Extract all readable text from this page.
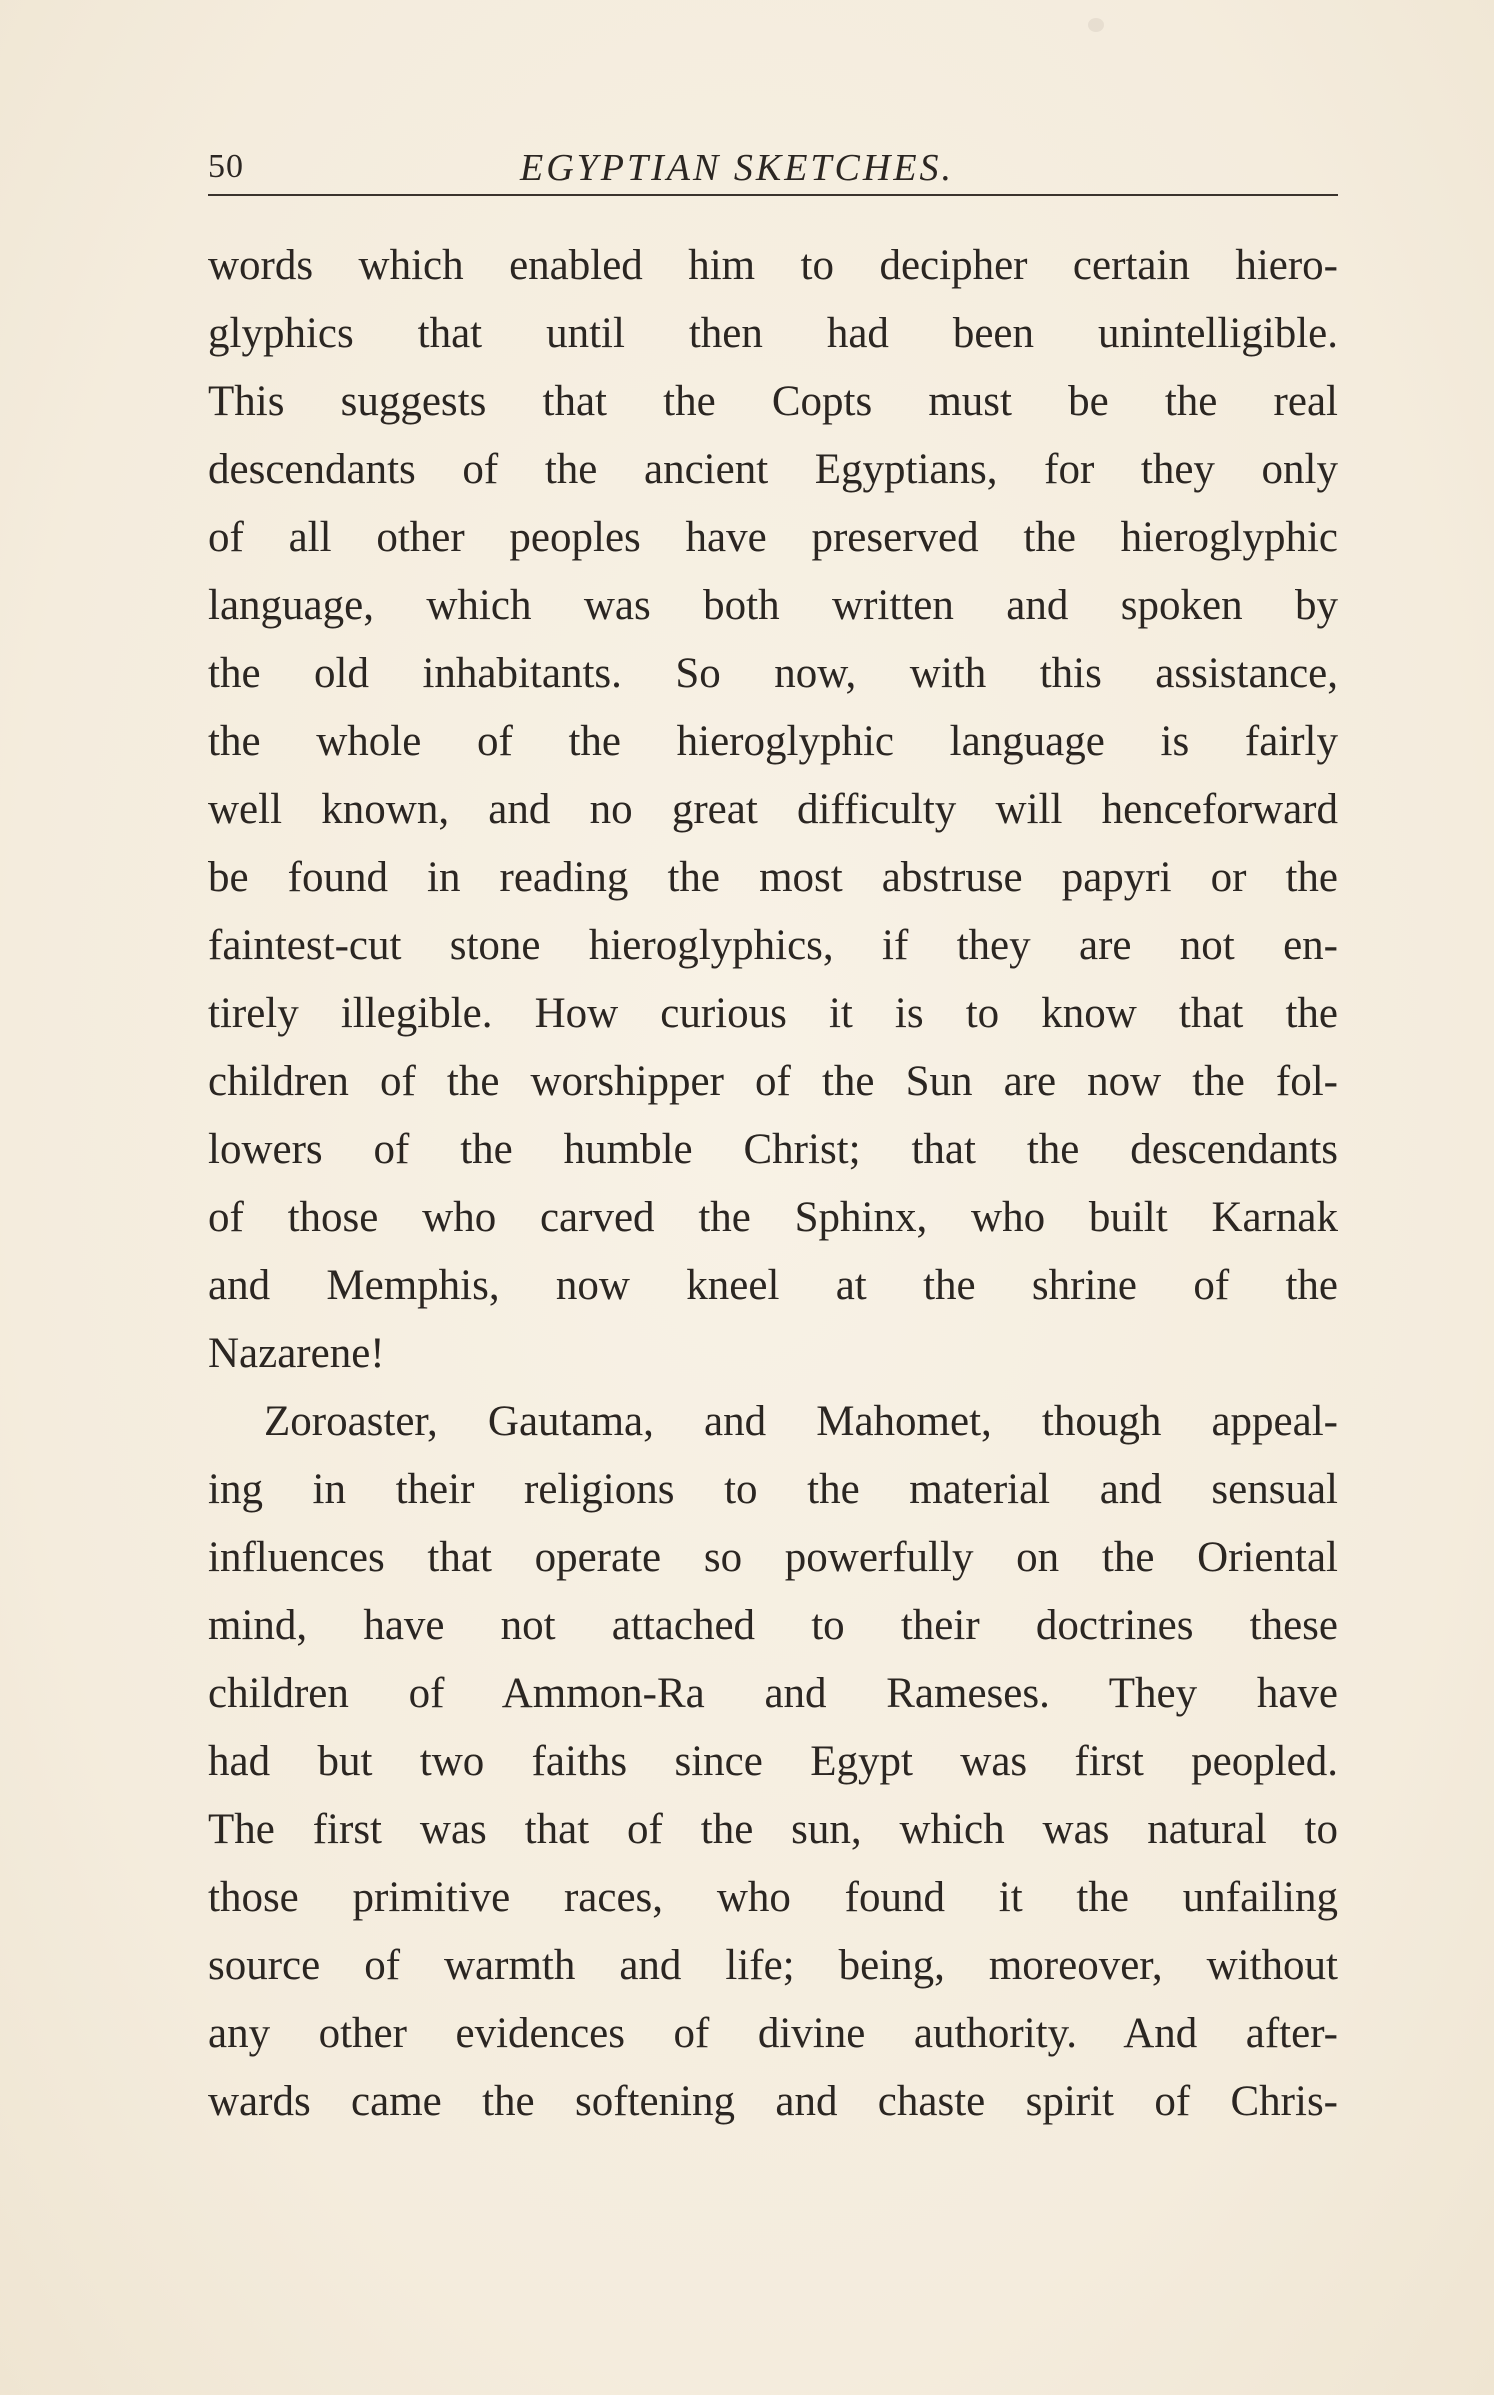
50	EGYPTIAN SKETCHES.
words which enabled him to decipher certain hiero-
glyphics that until then had been unintelligible.
This suggests that the Copts must be the real
descendants of the ancient Egyptians, for they only
of all other peoples have preserved the hieroglyphic
language, which was both written and spoken by
the old inhabitants. So now, with this assistance,
the whole of the hieroglyphic language is fairly
well known, and no great difficulty will henceforward
be found in reading the most abstruse papyri or the
faintest-cut stone hieroglyphics, if they are not en-
tirely illegible. How curious it is to know that the
children of the worshipper of the Sun are now the fol-
lowers of the humble Christ; that the descendants
of those who carved the Sphinx, who built Karnak
and Memphis, now kneel at the shrine of the
Nazarene!
Zoroaster, Gautama, and Mahomet, though appeal-
ing in their religions to the material and sensual
influences that operate so powerfully on the Oriental
mind, have not attached to their doctrines these
children of Ammon-Ra and Rameses. They have
had but two faiths since Egypt was first peopled.
The first was that of the sun, which was natural to
those primitive races, who found it the unfailing
source of warmth and life; being, moreover, without
any other evidences of divine authority. And after-
wards came the softening and chaste spirit of Chris-
